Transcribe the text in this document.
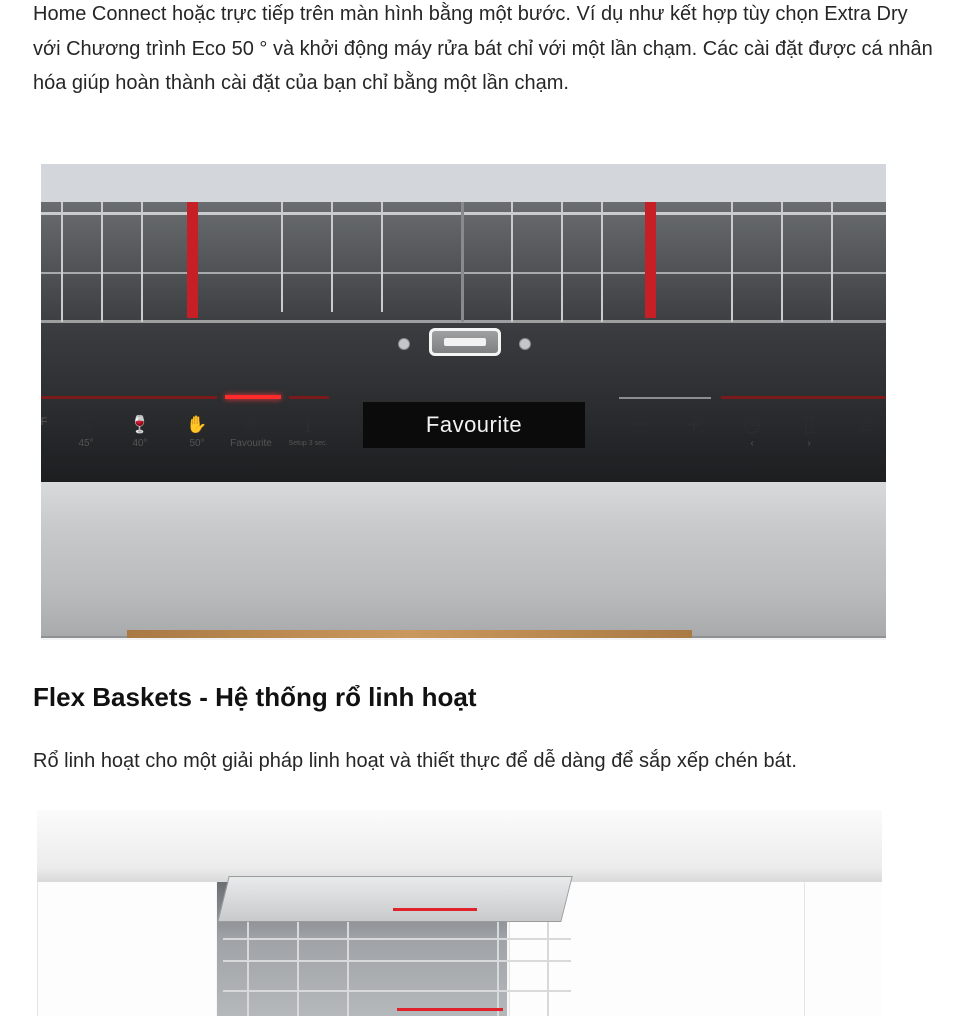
Home Connect hoặc trực tiếp trên màn hình bằng một bước. Ví dụ như kết hợp tùy chọn Extra Dry với Chương trình Eco 50 ° và khởi động máy rửa bát chỉ với một lần chạm. Các cài đặt được cá nhân hóa giúp hoàn thành cài đặt của bạn chỉ bằng một lần chạm.

F	♲
45°
🍷
40°
✋
50°
☆
Favourite
i
Setup 3 sec.
Favourite	−	+	◷
‹
▯
›
♨
Flex Baskets - Hệ thống rổ linh hoạt

Rổ linh hoạt cho một giải pháp linh hoạt và thiết thực để dễ dàng để sắp xếp chén bát.
